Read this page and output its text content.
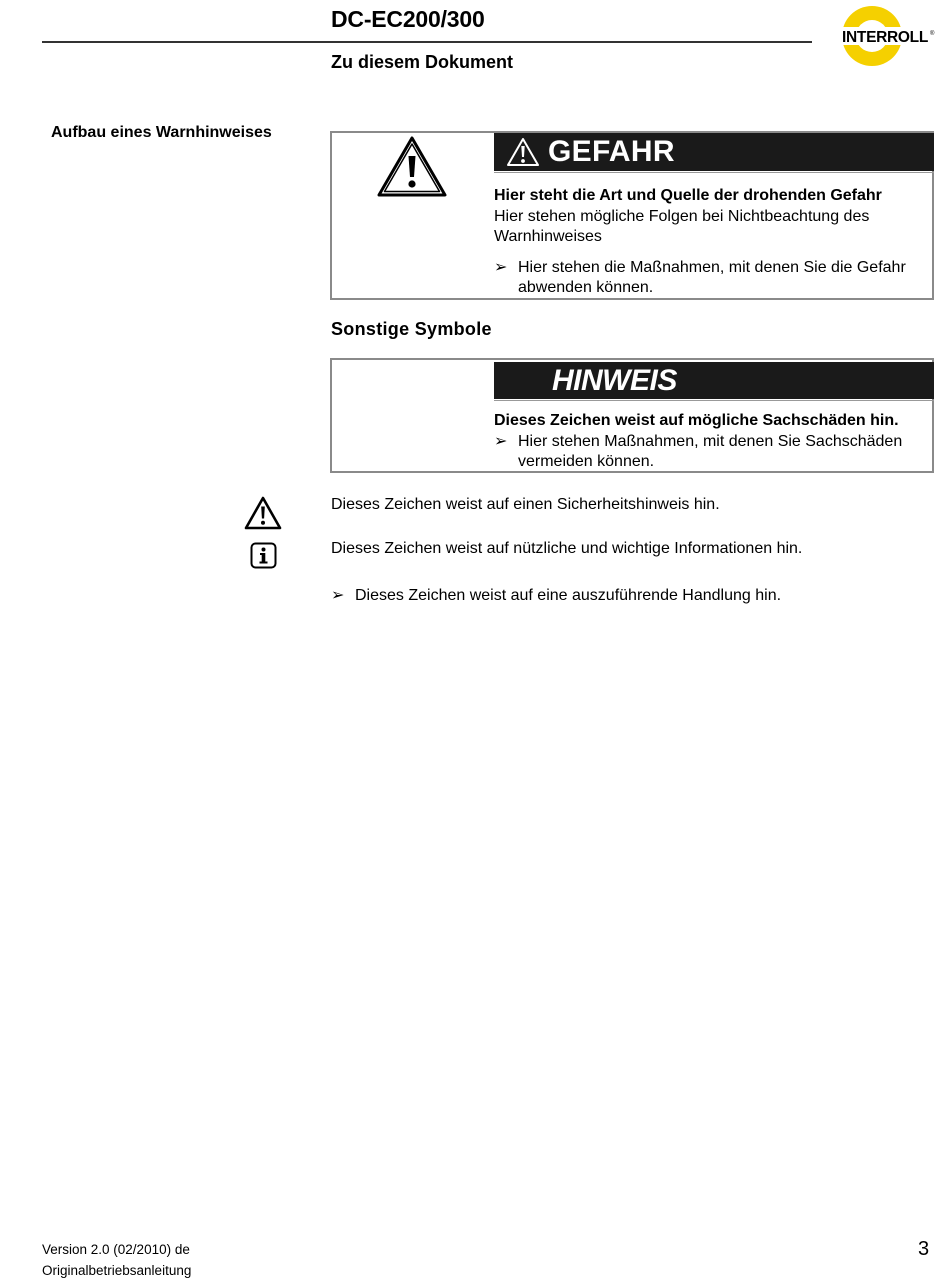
DC-EC200/300
Zu diesem Dokument
INTERROLL ®
Aufbau eines Warnhinweises
GEFAHR
Hier steht die Art und Quelle der drohenden Gefahr
Hier stehen mögliche Folgen bei Nichtbeachtung des Warnhinweises
➢ Hier stehen die Maßnahmen, mit denen Sie die Gefahr abwenden können.
Sonstige Symbole
HINWEIS
Dieses Zeichen weist auf mögliche Sachschäden hin.
➢ Hier stehen Maßnahmen, mit denen Sie Sachschäden vermeiden können.
Dieses Zeichen weist auf einen Sicherheitshinweis hin.
Dieses Zeichen weist auf nützliche und wichtige Informationen hin.
➢ Dieses Zeichen weist auf eine auszuführende Handlung hin.
Version 2.0 (02/2010) de
Originalbetriebsanleitung
3
